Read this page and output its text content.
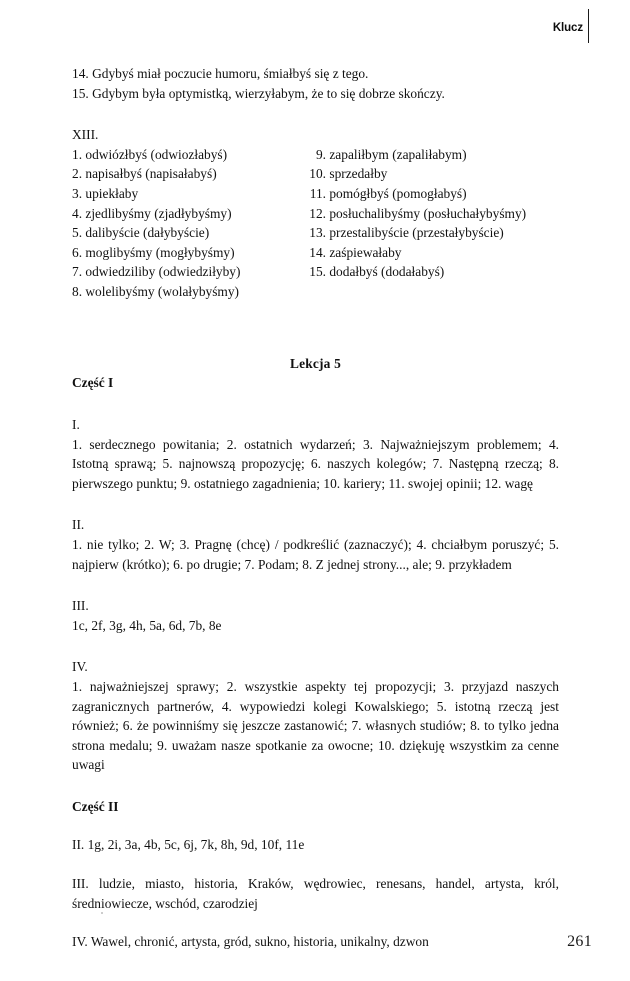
Klucz
14. Gdybyś miał poczucie humoru, śmiałbyś się z tego.
15. Gdybym była optymistką, wierzyłabym, że to się dobrze skończy.
XIII.
1. odwiózłbyś (odwiozłabyś)
2. napisałbyś (napisałabyś)
3. upiekłaby
4. zjedlibyśmy (zjadłybyśmy)
5. dalibyście (dałybyście)
6. moglibyśmy (mogłybyśmy)
7. odwiedziliby (odwiedziłyby)
8. wolelibyśmy (wolałybyśmy)
9. zapaliłbym (zapaliłabym)
10. sprzedałby
11. pomógłbyś (pomogłabyś)
12. posłuchalibyśmy (posłuchałybyśmy)
13. przestalibyście (przestałybyście)
14. zaśpiewałaby
15. dodałbyś (dodałabyś)
Lekcja 5
Część I
I.
1. serdecznego powitania; 2. ostatnich wydarzeń; 3. Najważniejszym problemem; 4. Istotną sprawą; 5. najnowszą propozycję; 6. naszych kolegów; 7. Następną rzeczą; 8. pierwszego punktu; 9. ostatniego zagadnienia; 10. kariery; 11. swojej opinii; 12. wagę
II.
1. nie tylko; 2. W; 3. Pragnę (chcę) / podkreślić (zaznaczyć); 4. chciałbym poruszyć; 5. najpierw (krótko); 6. po drugie; 7. Podam; 8. Z jednej strony..., ale; 9. przykładem
III.
1c, 2f, 3g, 4h, 5a, 6d, 7b, 8e
IV.
1. najważniejszej sprawy; 2. wszystkie aspekty tej propozycji; 3. przyjazd naszych zagranicznych partnerów, 4. wypowiedzi kolegi Kowalskiego; 5. istotną rzeczą jest również; 6. że powinniśmy się jeszcze zastanowić; 7. własnych studiów; 8. to tylko jedna strona medalu; 9. uważam nasze spotkanie za owocne; 10. dziękuję wszystkim za cenne uwagi
Część II
II. 1g, 2i, 3a, 4b, 5c, 6j, 7k, 8h, 9d, 10f, 11e
III. ludzie, miasto, historia, Kraków, wędrowiec, renesans, handel, artysta, król, średniowiecze, wschód, czarodziej
IV. Wawel, chronić, artysta, gród, sukno, historia, unikalny, dzwon	261
